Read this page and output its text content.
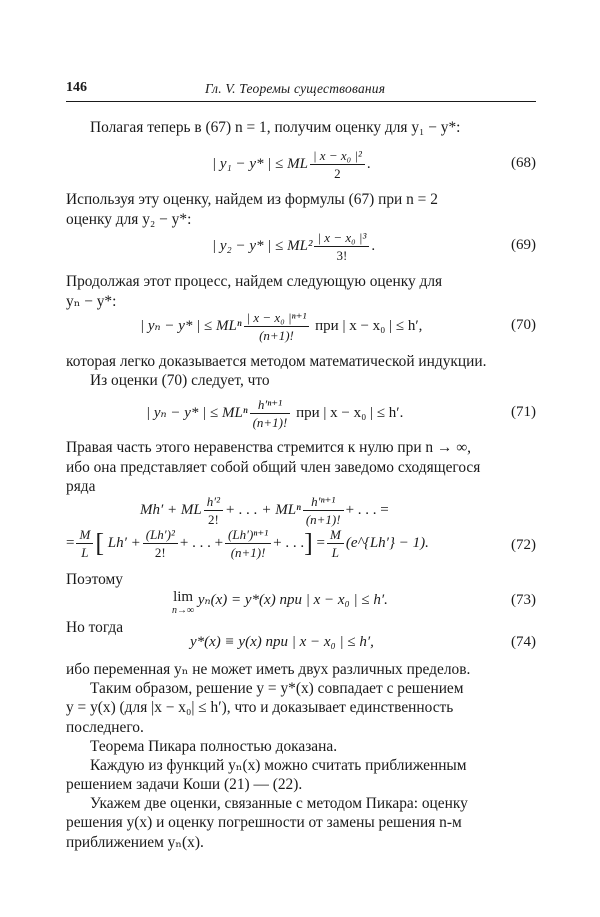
146	Гл. V. Теоремы существования
Полагая теперь в (67) n = 1, получим оценку для y₁ − y*:
| y₁ − y* | ≤ ML $\frac{\text{| x − x₀ |²}}{2}$ .	(68)
Используя эту оценку, найдем из формулы (67) при n = 2
оценку для y₂ − y*:
| y₂ − y* | ≤ $ML^2 \frac{\text{| x − x₀ |³}}{3!}$ .	(69)
Продолжая этот процесс, найдем следующую оценку для
yₙ − y*:
| yₙ − y* | ≤ MLⁿ $\frac{\text{| x − x₀ |ⁿ⁺¹}}{(n+1)!}$ при | x − x₀ | ≤ h′,	(70)
которая легко доказывается методом математической индукции.
Из оценки (70) следует, что
| yₙ − y* | ≤ MLⁿ $\frac{\text{h′ⁿ⁺¹}}{(n+1)!}$ при | x − x₀ | ≤ h′.	(71)
Правая часть этого неравенства стремится к нулю при n → ∞,
ибо она представляет собой общий член заведомо сходящегося
ряда
Mh′ + ML $\frac{\text{h′²}}{2!}$ + . . . + MLⁿ $\frac{\text{h′ⁿ⁺¹}}{(n+1)!}$ + . . . =
= $\frac{M}{L}$ [ $Lh' + \frac{\text{(Lh′)²}}{2!}$ + . . . + $\frac{\text{(Lh′)ⁿ⁺¹}}{(n+1)!}$ + . . .] = $\frac{M}{L}$ (e^{Lh′} − 1).	(72)
Поэтому
lim
n→∞
yₙ(x) = y*(x) при | x − x₀ | ≤ h′.	(73)
Но тогда
y*(x) ≡ y(x) при | x − x₀ | ≤ h′,	(74)
ибо переменная yₙ не может иметь двух различных пределов.
Таким образом, решение y = y*(x) совпадает с решением
y = y(x) (для |x − x₀| ≤ h′), что и доказывает единственность
последнего.
Теорема Пикара полностью доказана.
Каждую из функций yₙ(x) можно считать приближенным
решением задачи Коши (21) — (22).
Укажем две оценки, связанные с методом Пикара: оценку
решения y(x) и оценку погрешности от замены решения n-м
приближением yₙ(x).
